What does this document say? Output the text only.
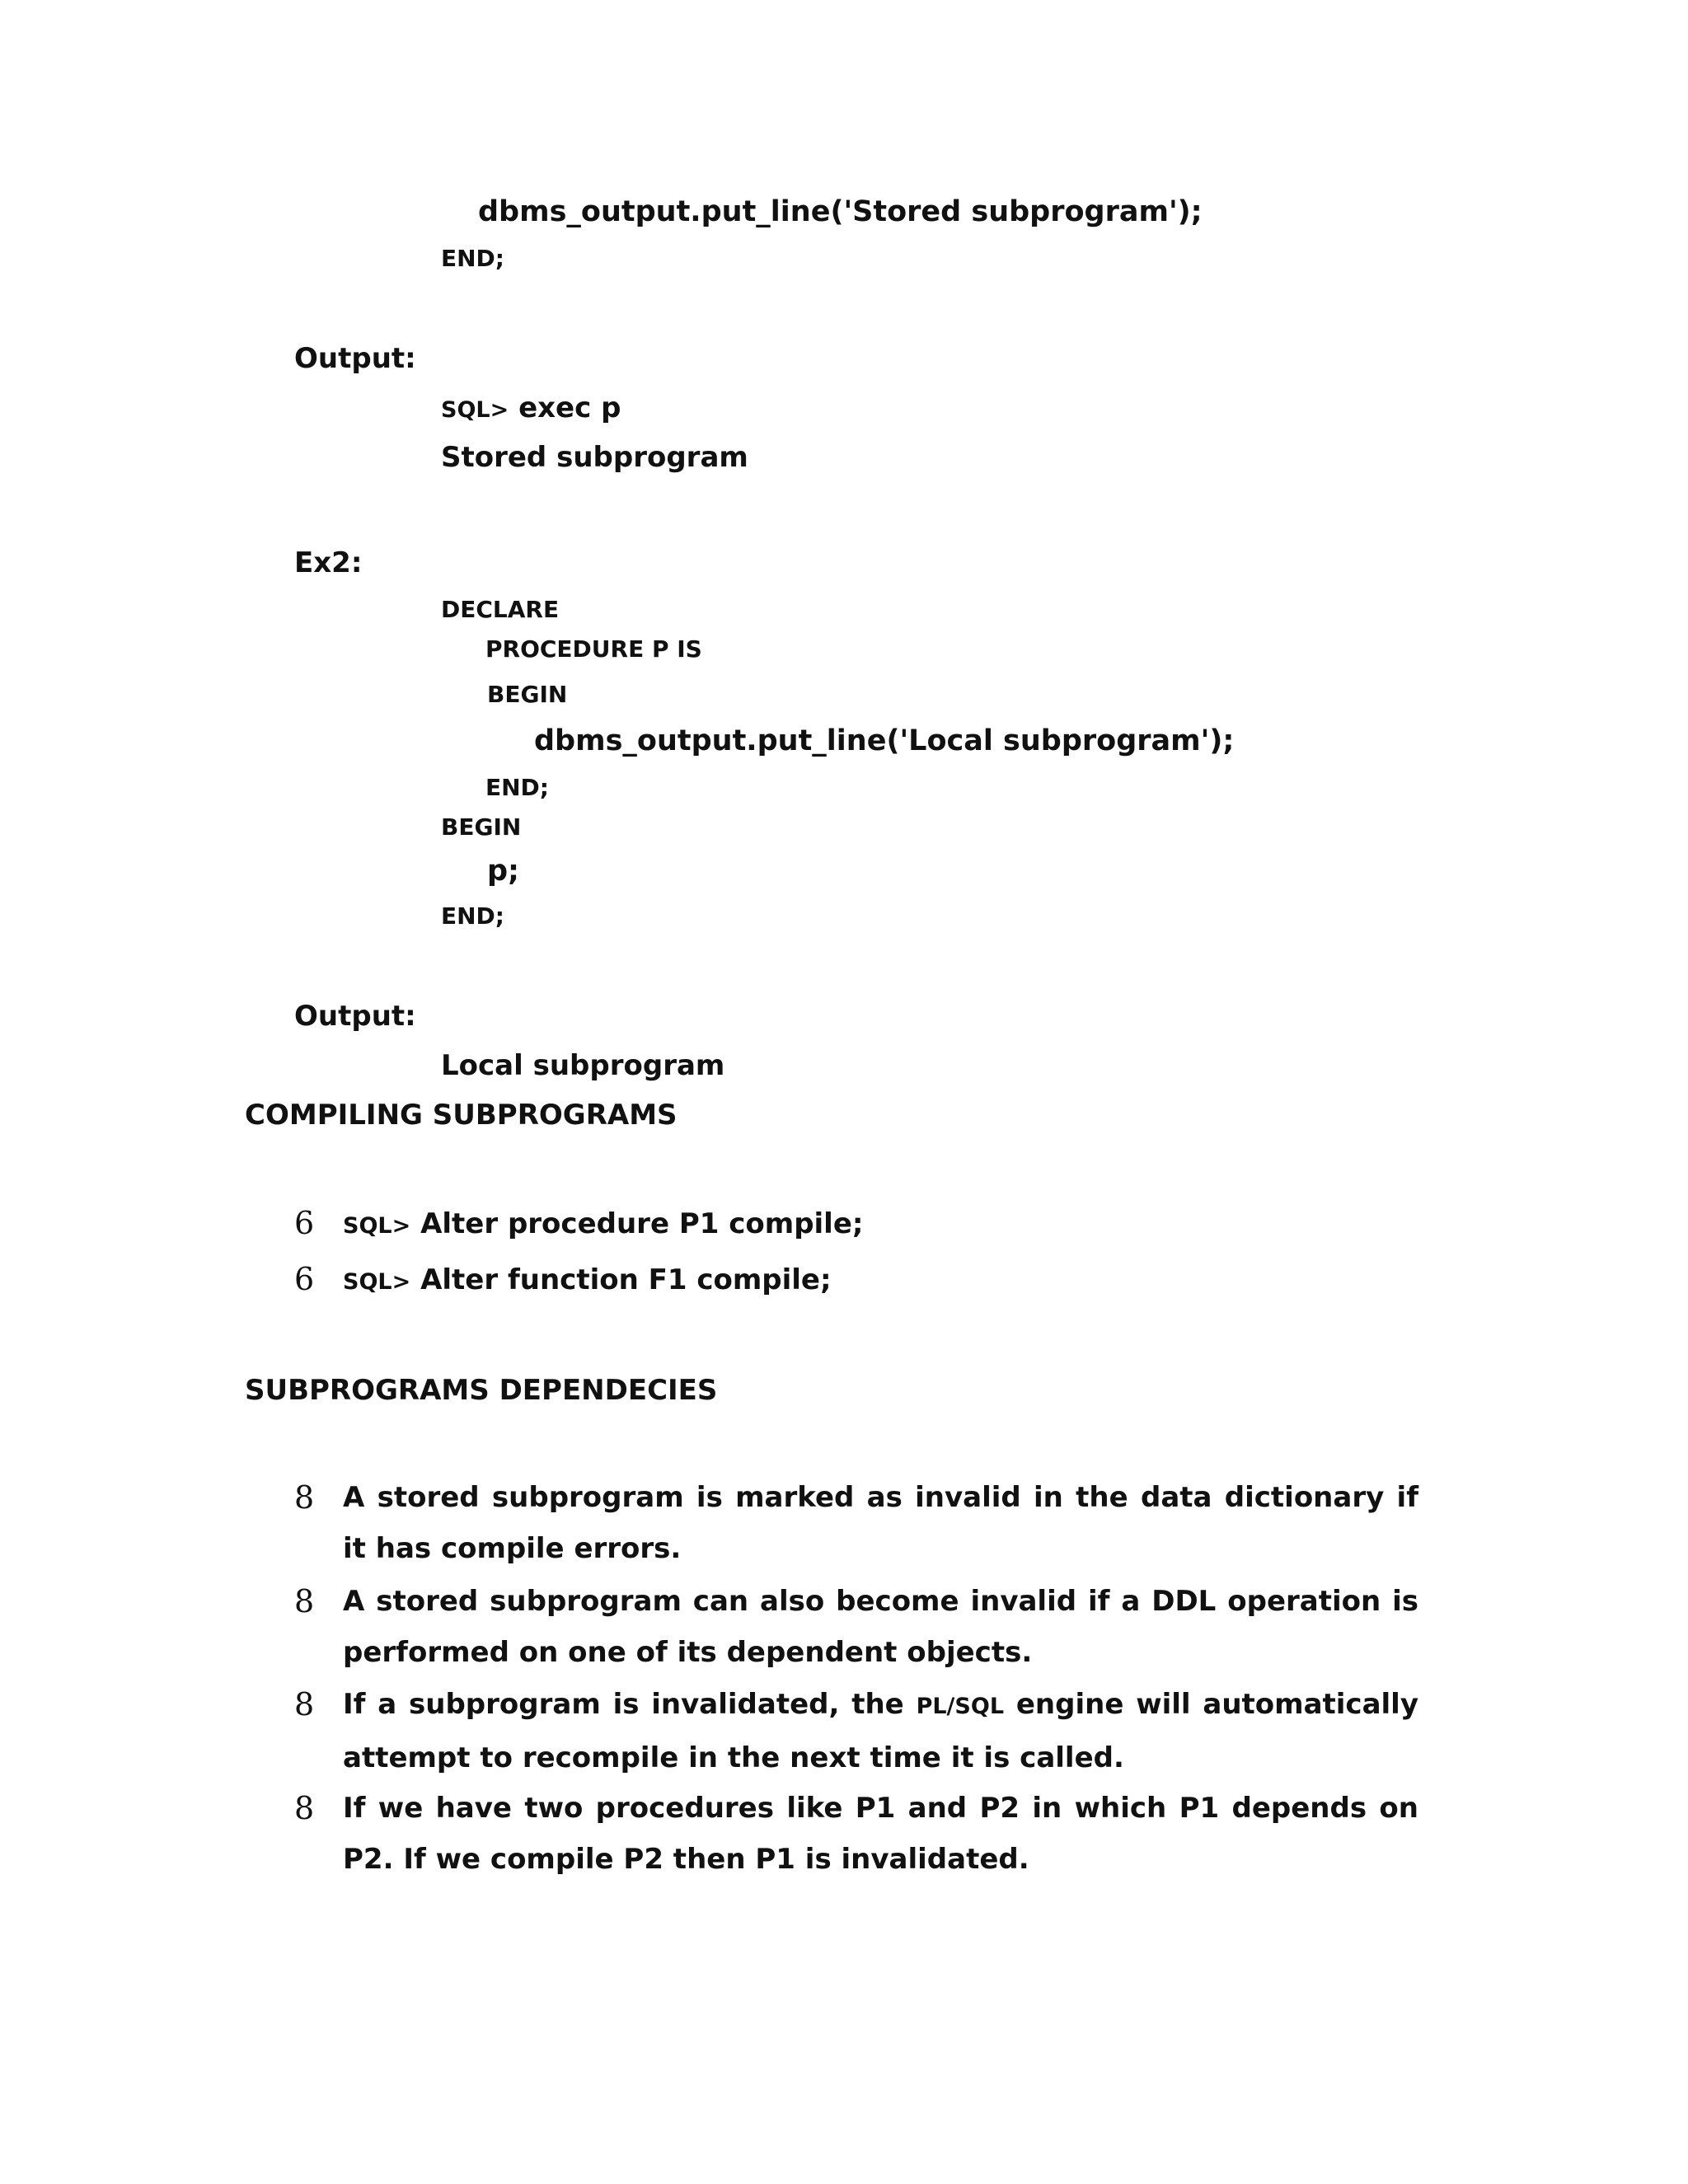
dbms_output.put_line('Stored subprogram');
END;
Output:
SQL> exec p
Stored subprogram
Ex2:
DECLARE
PROCEDURE P IS
BEGIN
dbms_output.put_line('Local subprogram');
END;
BEGIN
p;
END;
Output:
Local subprogram
COMPILING SUBPROGRAMS
6 SQL> Alter procedure P1 compile;
6 SQL> Alter function F1 compile;
SUBPROGRAMS DEPENDECIES
8 A stored subprogram is marked as invalid in the data dictionary if it has compile errors.
8 A stored subprogram can also become invalid if a DDL operation is performed on one of its dependent objects.
8 If a subprogram is invalidated, the PL/SQL engine will automatically attempt to recompile in the next time it is called.
8 If we have two procedures like P1 and P2 in which P1 depends on P2. If we compile P2 then P1 is invalidated.
